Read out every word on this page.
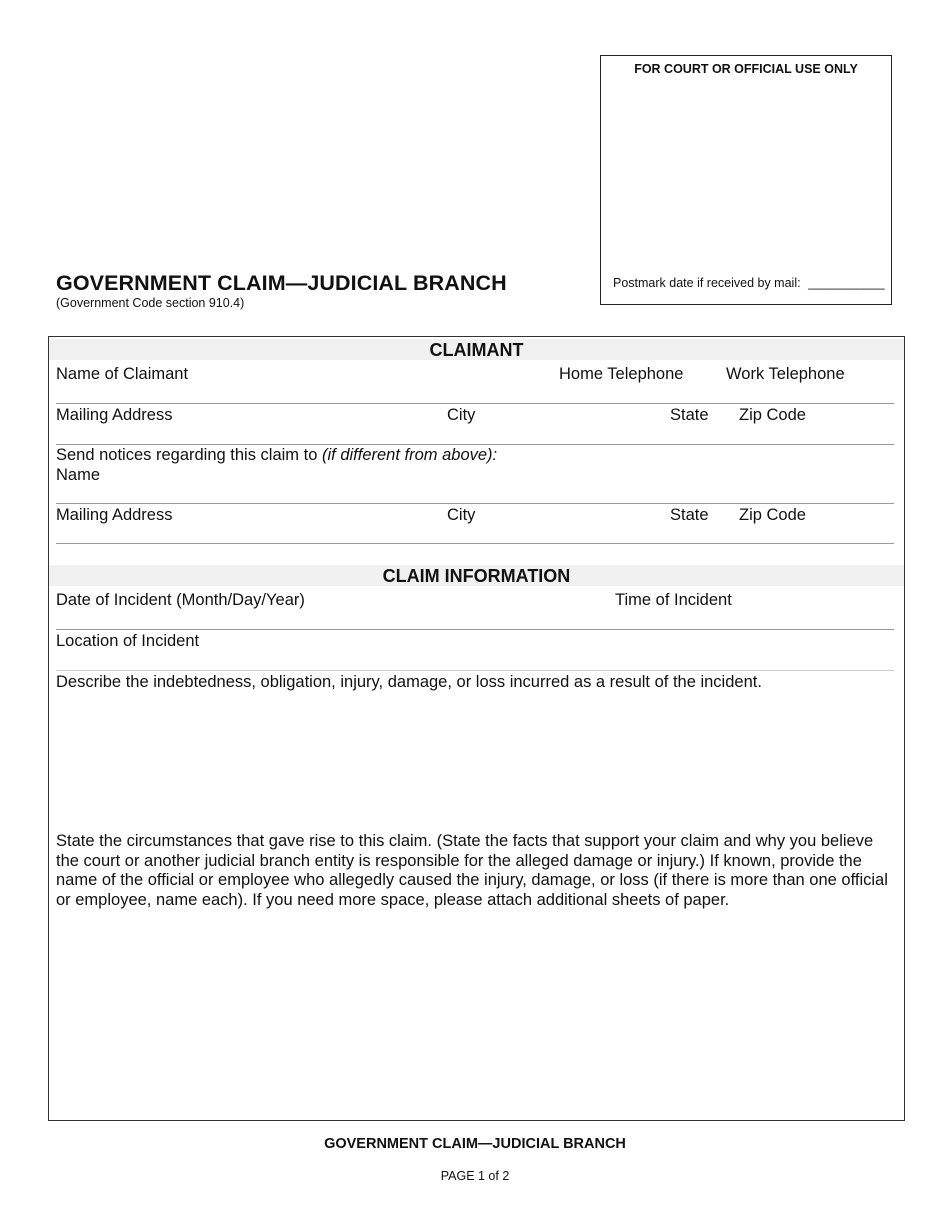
FOR COURT OR OFFICIAL USE ONLY
Postmark date if received by mail: ___________
GOVERNMENT CLAIM—JUDICIAL BRANCH
(Government Code section 910.4)
CLAIMANT
Name of Claimant	Home Telephone	Work Telephone
Mailing Address	City	State Zip Code
Send notices regarding this claim to (if different from above):
Name
Mailing Address	City	State Zip Code
CLAIM INFORMATION
Date of Incident (Month/Day/Year)	Time of Incident
Location of Incident
Describe the indebtedness, obligation, injury, damage, or loss incurred as a result of the incident.
State the circumstances that gave rise to this claim. (State the facts that support your claim and why you believe the court or another judicial branch entity is responsible for the alleged damage or injury.) If known, provide the name of the official or employee who allegedly caused the injury, damage, or loss (if there is more than one official or employee, name each). If you need more space, please attach additional sheets of paper.
GOVERNMENT CLAIM—JUDICIAL BRANCH
PAGE 1 of 2
